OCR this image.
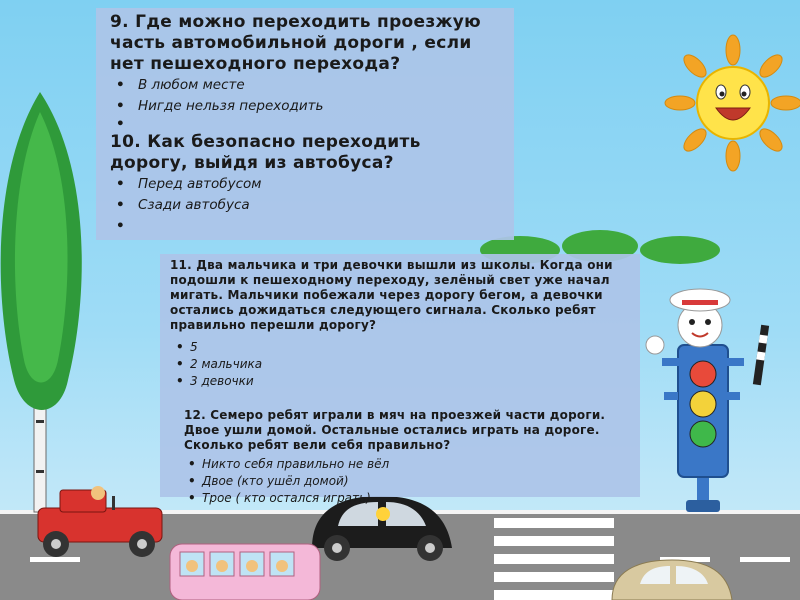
9. Где можно переходить проезжую часть автомобильной дороги , если нет пешеходного перехода?

• В любом месте
• Нигде нельзя переходить
•

10. Как безопасно переходить дорогу, выйдя из автобуса?

• Перед автобусом
• Сзади автобуса
•

11. Два мальчика и три девочки вышли из школы. Когда они подошли к пешеходному переходу, зелёный свет уже начал мигать. Мальчики побежали через дорогу бегом, а девочки остались дожидаться следующего сигнала. Сколько ребят правильно перешли дорогу?

• 5
• 2 мальчика
• 3 девочки

12. Семеро ребят играли в мяч на проезжей части дороги. Двое ушли домой. Остальные остались играть на дороге. Сколько ребят вели себя правильно?

• Никто себя правильно не вёл
• Двое (кто ушёл домой)
• Трое ( кто остался играть)
